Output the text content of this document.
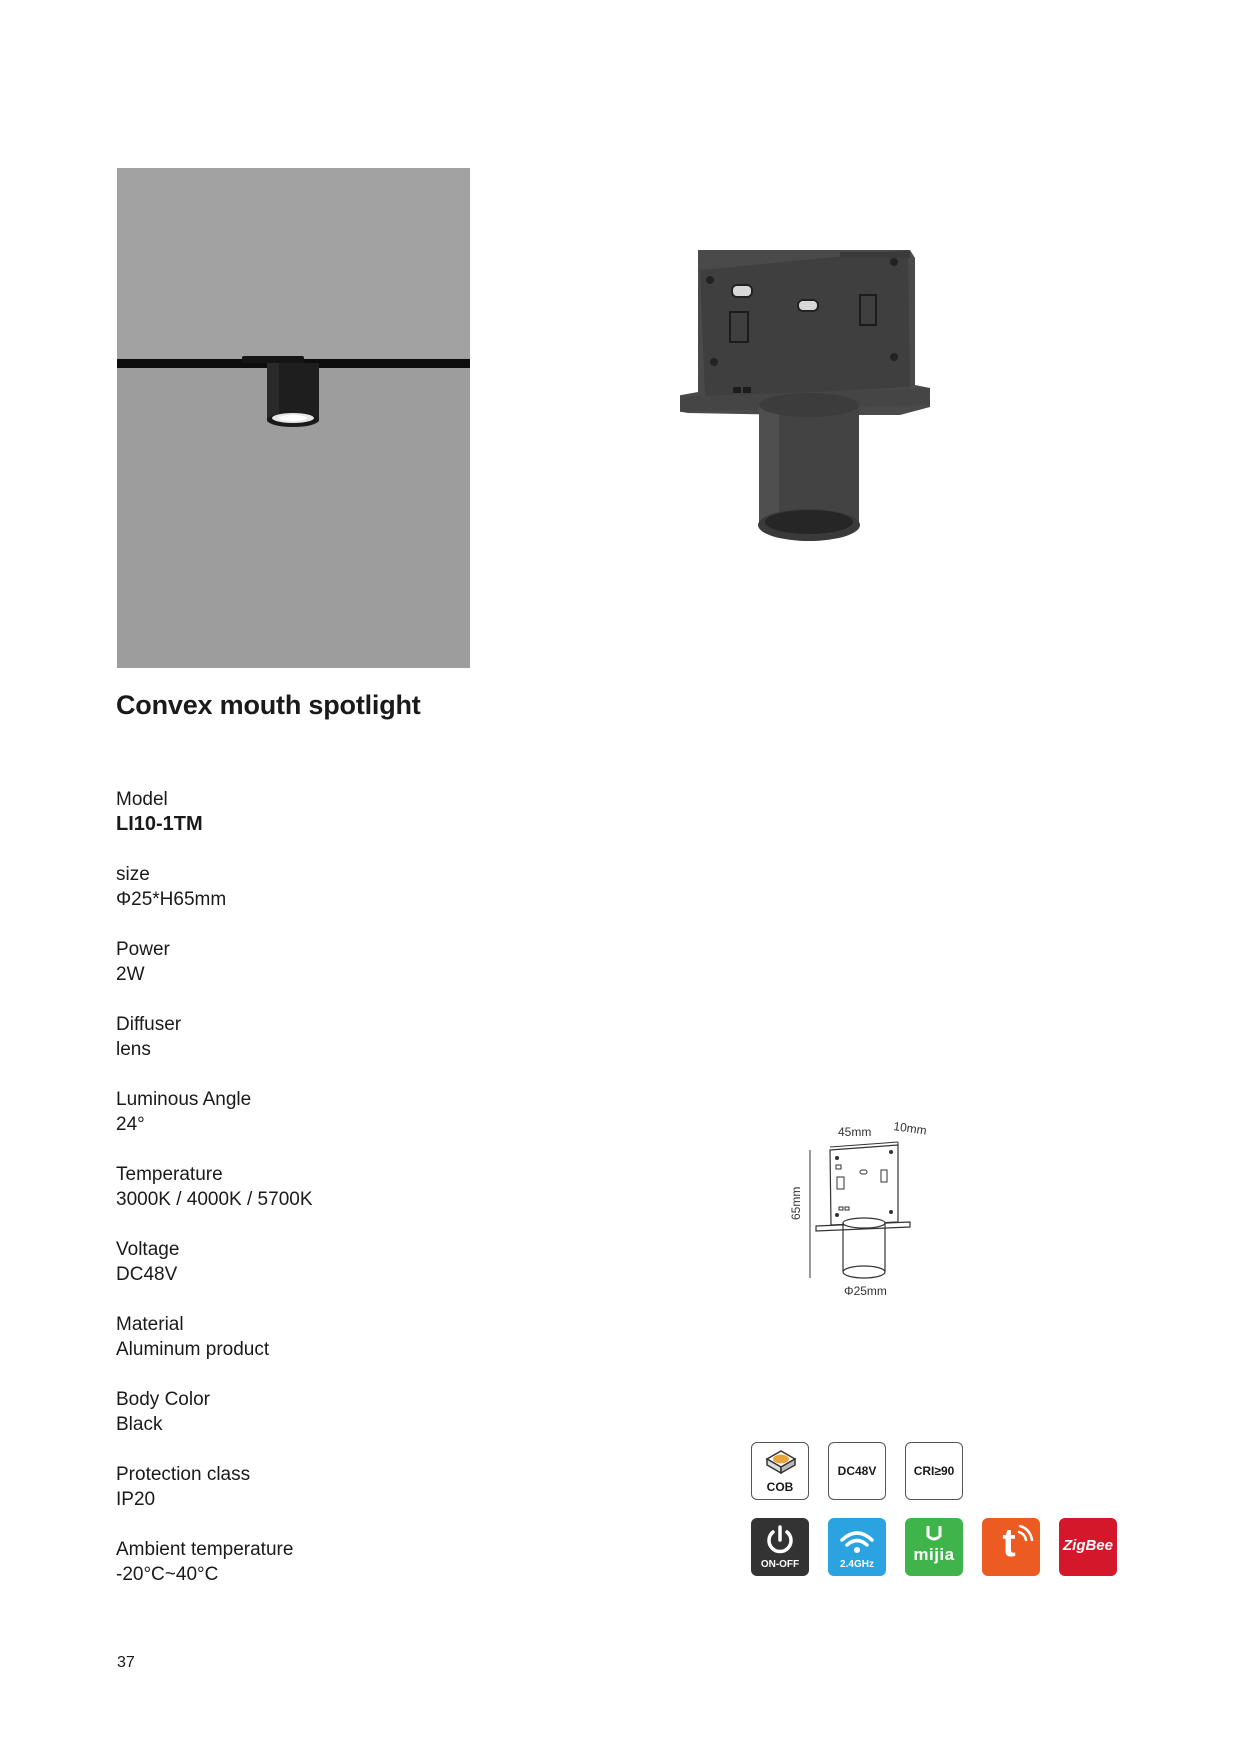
Convex mouth spotlight
Model
LI10-1TM
size
Φ25*H65mm
Power
2W
Diffuser
lens
Luminous Angle
24°
Temperature
3000K / 4000K / 5700K
Voltage
DC48V
Material
Aluminum product
Body Color
Black
Protection class
IP20
Ambient temperature
-20°C~40°C
45mm 10mm
65mm
Φ25mm
COB
DC48V	CRI≥90
ON-OFF	2.4GHz
mijia	t	ZigBee
37
